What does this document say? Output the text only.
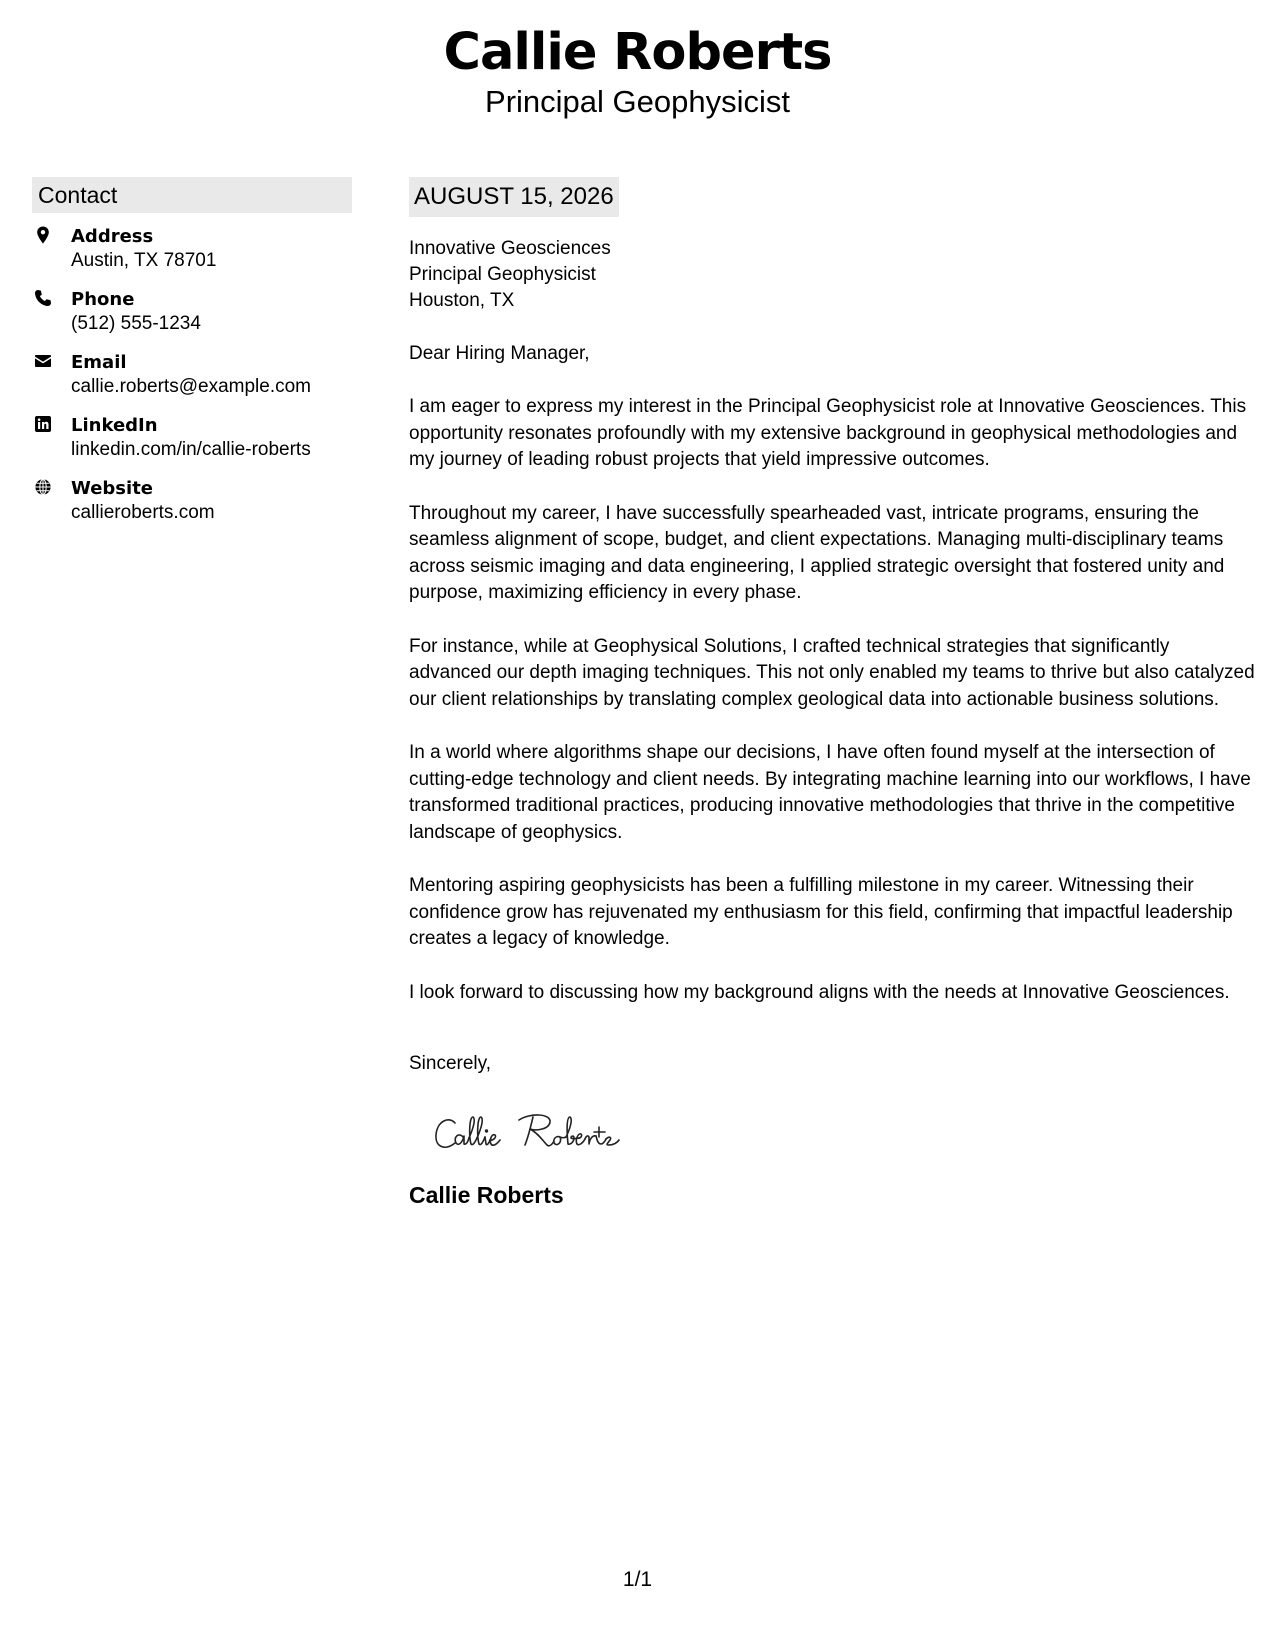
Callie Roberts
Principal Geophysicist
Contact
Address
Austin, TX 78701
Phone
(512) 555-1234
Email
callie.roberts@example.com
LinkedIn
linkedin.com/in/callie-roberts
Website
callieroberts.com
AUGUST 15, 2026
Innovative Geosciences
Principal Geophysicist
Houston, TX
Dear Hiring Manager,
I am eager to express my interest in the Principal Geophysicist role at Innovative Geosciences. This opportunity resonates profoundly with my extensive background in geophysical methodologies and my journey of leading robust projects that yield impressive outcomes.
Throughout my career, I have successfully spearheaded vast, intricate programs, ensuring the seamless alignment of scope, budget, and client expectations. Managing multi-disciplinary teams across seismic imaging and data engineering, I applied strategic oversight that fostered unity and purpose, maximizing efficiency in every phase.
For instance, while at Geophysical Solutions, I crafted technical strategies that significantly advanced our depth imaging techniques. This not only enabled my teams to thrive but also catalyzed our client relationships by translating complex geological data into actionable business solutions.
In a world where algorithms shape our decisions, I have often found myself at the intersection of cutting-edge technology and client needs. By integrating machine learning into our workflows, I have transformed traditional practices, producing innovative methodologies that thrive in the competitive landscape of geophysics.
Mentoring aspiring geophysicists has been a fulfilling milestone in my career. Witnessing their confidence grow has rejuvenated my enthusiasm for this field, confirming that impactful leadership creates a legacy of knowledge.
I look forward to discussing how my background aligns with the needs at Innovative Geosciences.
Sincerely,
Callie Roberts
1/1
